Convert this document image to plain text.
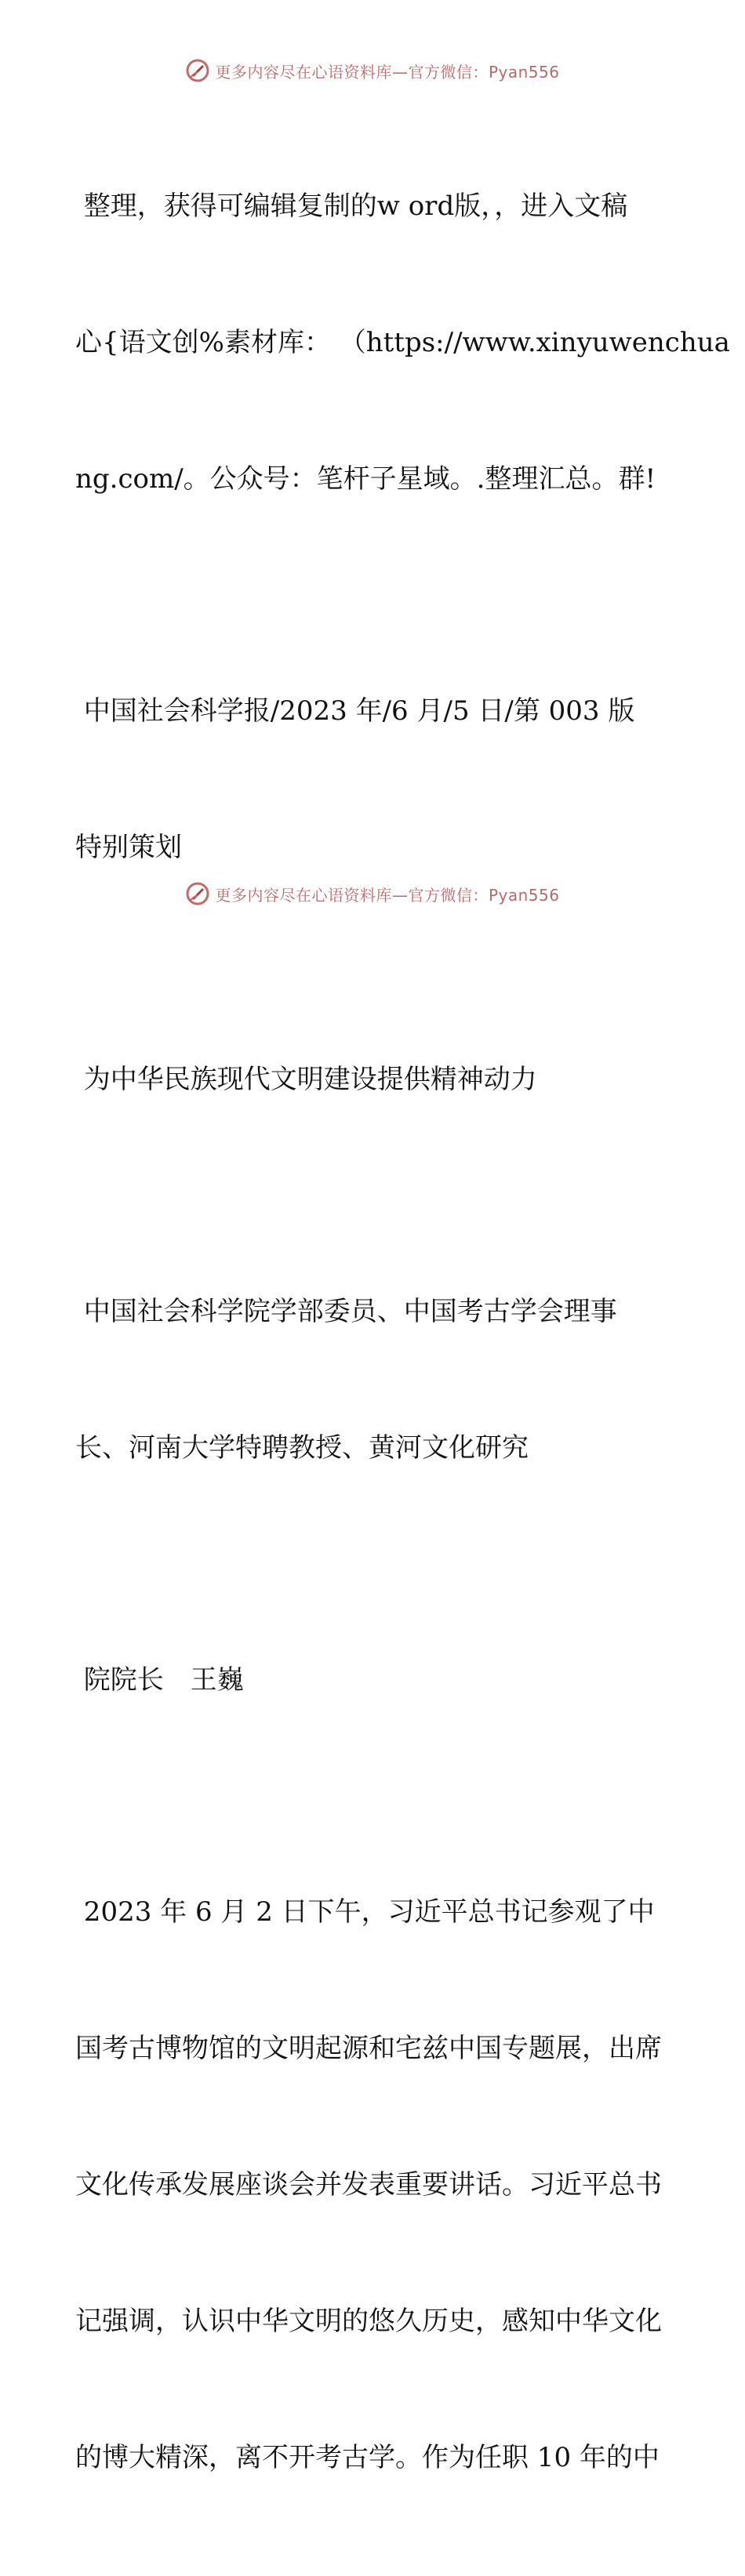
更多内容尽在心语资料库—官方微信：Pyan556

整理，获得可编辑复制的w ord版，，进入文稿

心{语文创%素材库： （https://www.xinyuwenchua

ng.com/。公众号：笔杆子星域。.整理汇总。群!

中国社会科学报/2023 年/6 月/5 日/第 003 版

特别策划

为中华民族现代文明建设提供精神动力

中国社会科学院学部委员、中国考古学会理事

长、河南大学特聘教授、黄河文化研究

院院长　王巍

2023 年 6 月 2 日下午，习近平总书记参观了中

国考古博物馆的文明起源和宅兹中国专题展，出席

文化传承发展座谈会并发表重要讲话。习近平总书

记强调，认识中华文明的悠久历史，感知中华文化

的博大精深，离不开考古学。作为任职 10 年的中

更多内容尽在心语资料库—官方微信：Pyan556
